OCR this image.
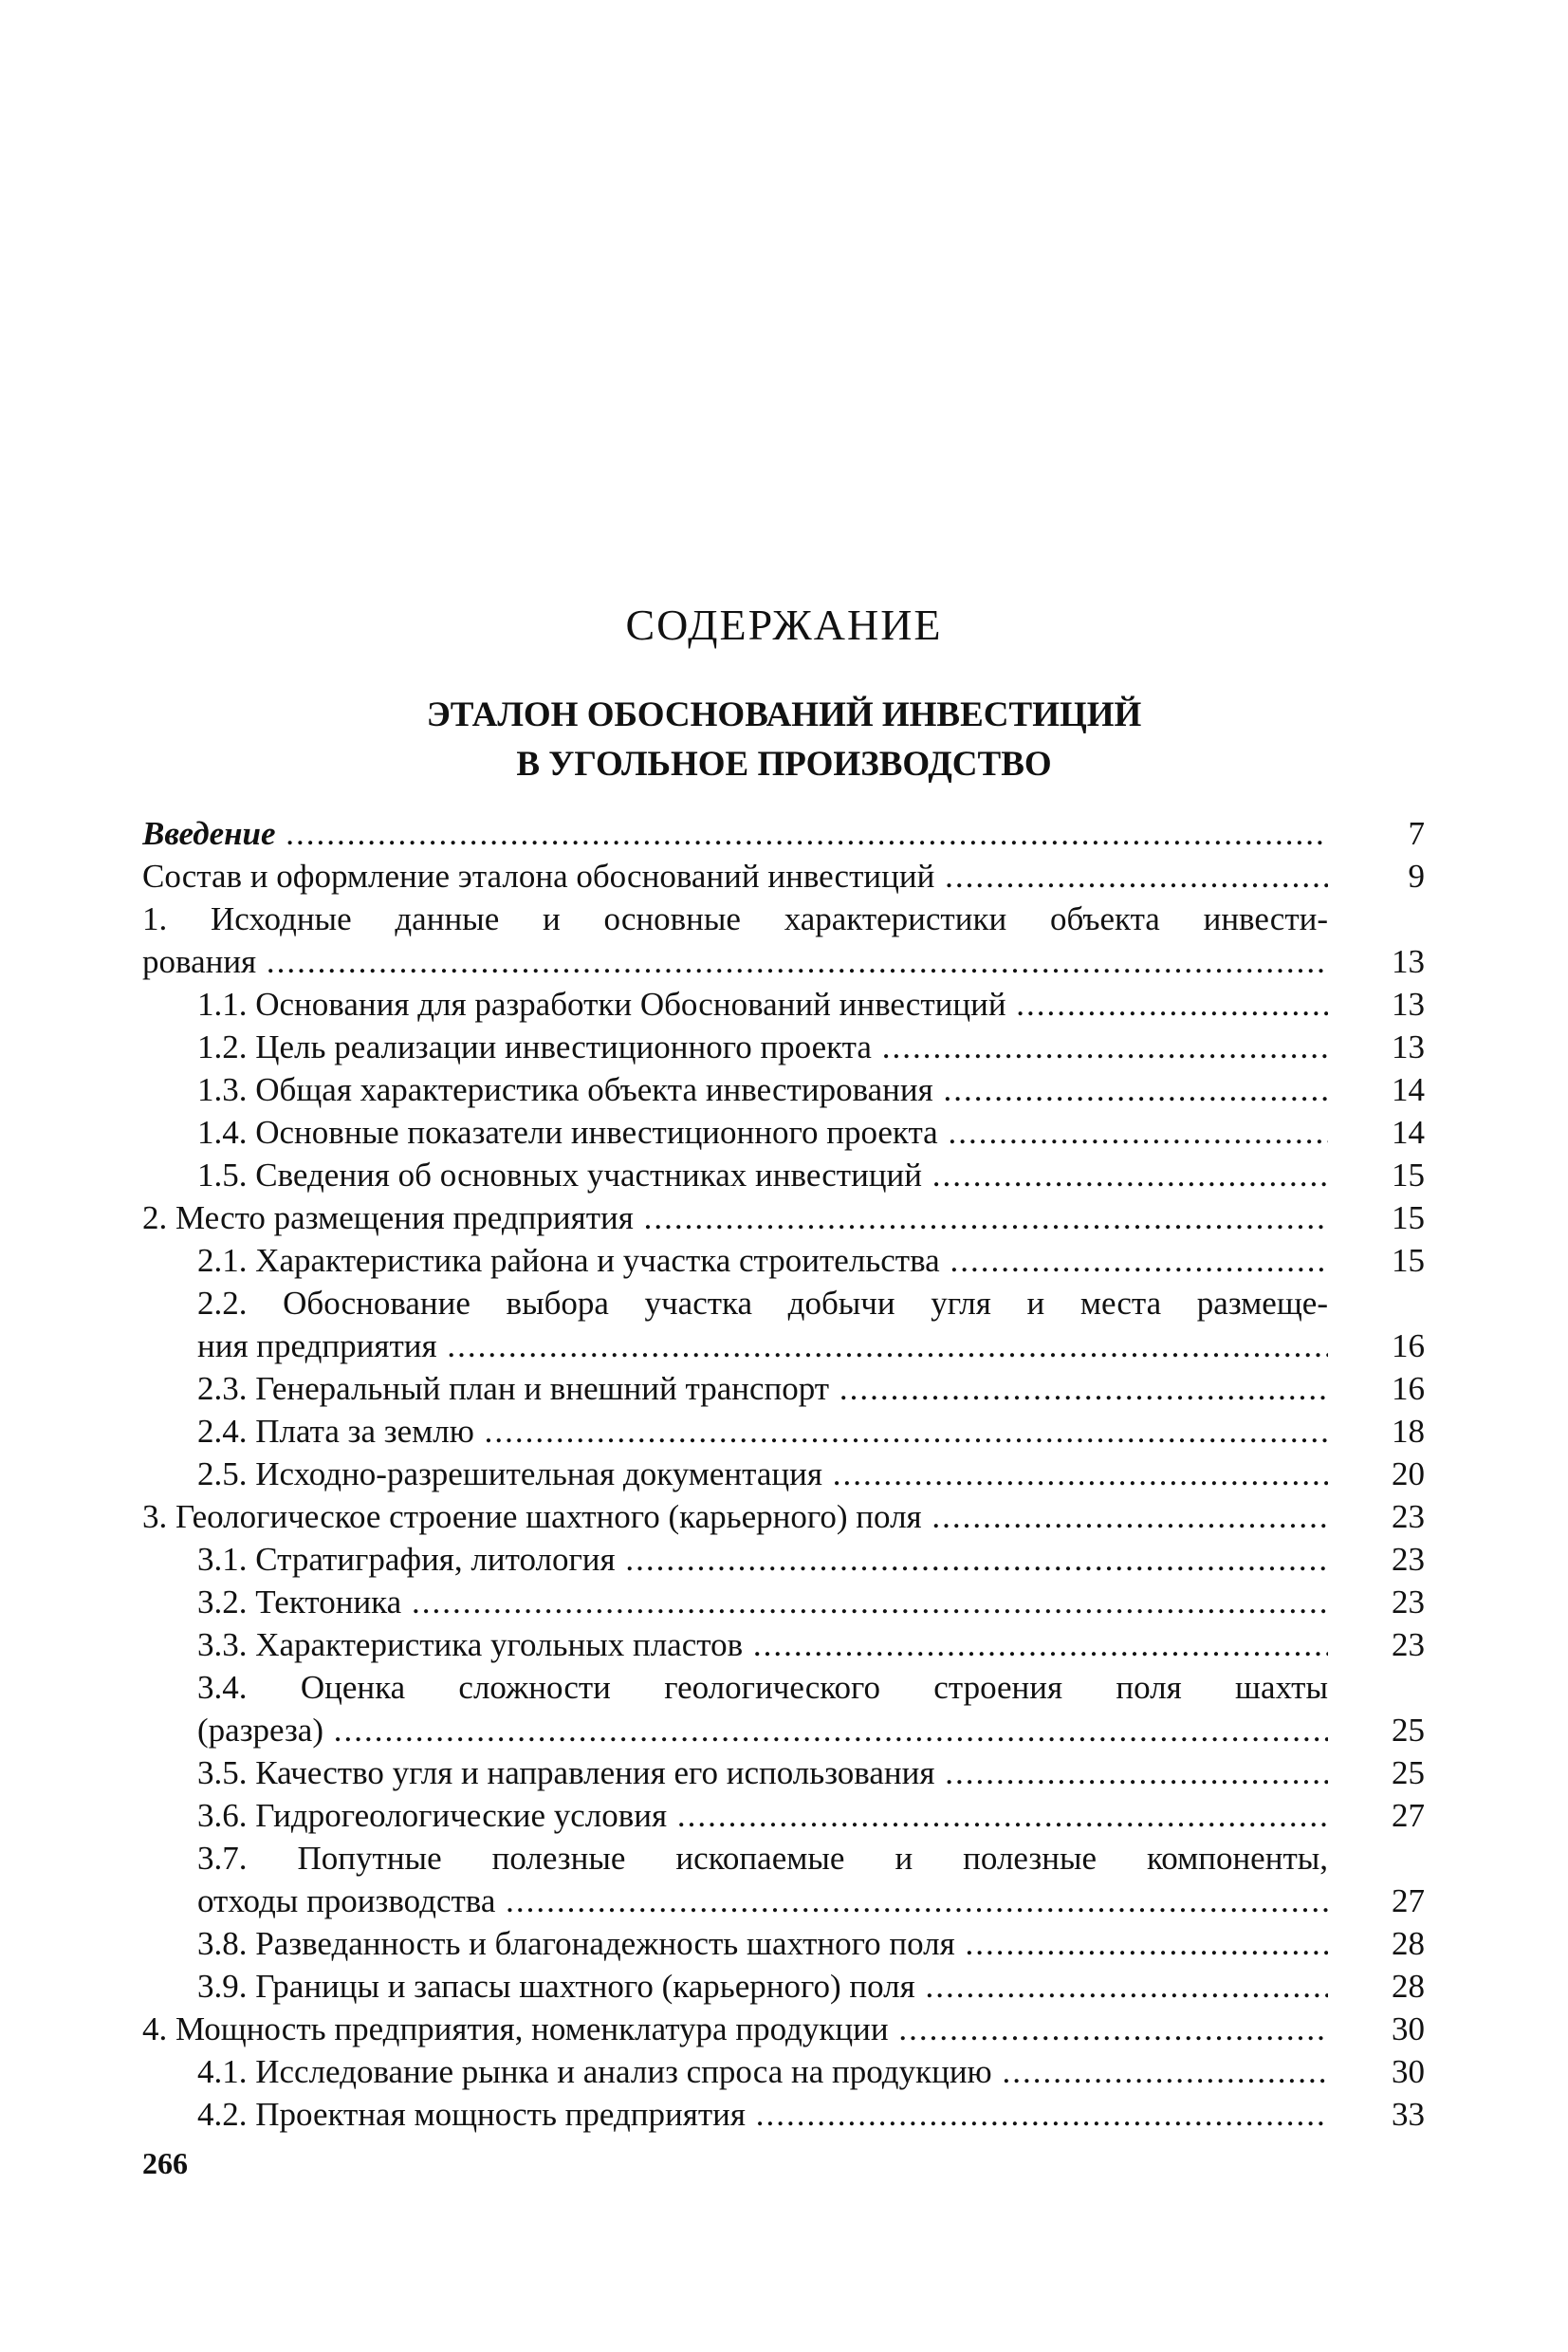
СОДЕРЖАНИЕ
ЭТАЛОН ОБОСНОВАНИЙ ИНВЕСТИЦИЙ
В УГОЛЬНОЕ ПРОИЗВОДСТВО
Введение .....	7
Состав и оформление эталона обоснований инвестиций .....	9
1. Исходные данные и основные характеристики объекта инвести-
рования .....	13
1.1. Основания для разработки Обоснований инвестиций .....	13
1.2. Цель реализации инвестиционного проекта .....	13
1.3. Общая характеристика объекта инвестирования .....	14
1.4. Основные показатели инвестиционного проекта .....	14
1.5. Сведения об основных участниках инвестиций .....	15
2. Место размещения предприятия .....	15
2.1. Характеристика района и участка строительства .....	15
2.2. Обоснование выбора участка добычи угля и места размеще-
ния предприятия .....	16
2.3. Генеральный план и внешний транспорт .....	16
2.4. Плата за землю .....	18
2.5. Исходно-разрешительная документация .....	20
3. Геологическое строение шахтного (карьерного) поля .....	23
3.1. Стратиграфия, литология .....	23
3.2. Тектоника .....	23
3.3. Характеристика угольных пластов .....	23
3.4. Оценка сложности геологического строения поля шахты
(разреза) .....	25
3.5. Качество угля и направления его использования .....	25
3.6. Гидрогеологические условия .....	27
3.7. Попутные полезные ископаемые и полезные компоненты,
отходы производства .....	27
3.8. Разведанность и благонадежность шахтного поля .....	28
3.9. Границы и запасы шахтного (карьерного) поля .....	28
4. Мощность предприятия, номенклатура продукции .....	30
4.1. Исследование рынка и анализ спроса на продукцию .....	30
4.2. Проектная мощность предприятия .....	33
266
